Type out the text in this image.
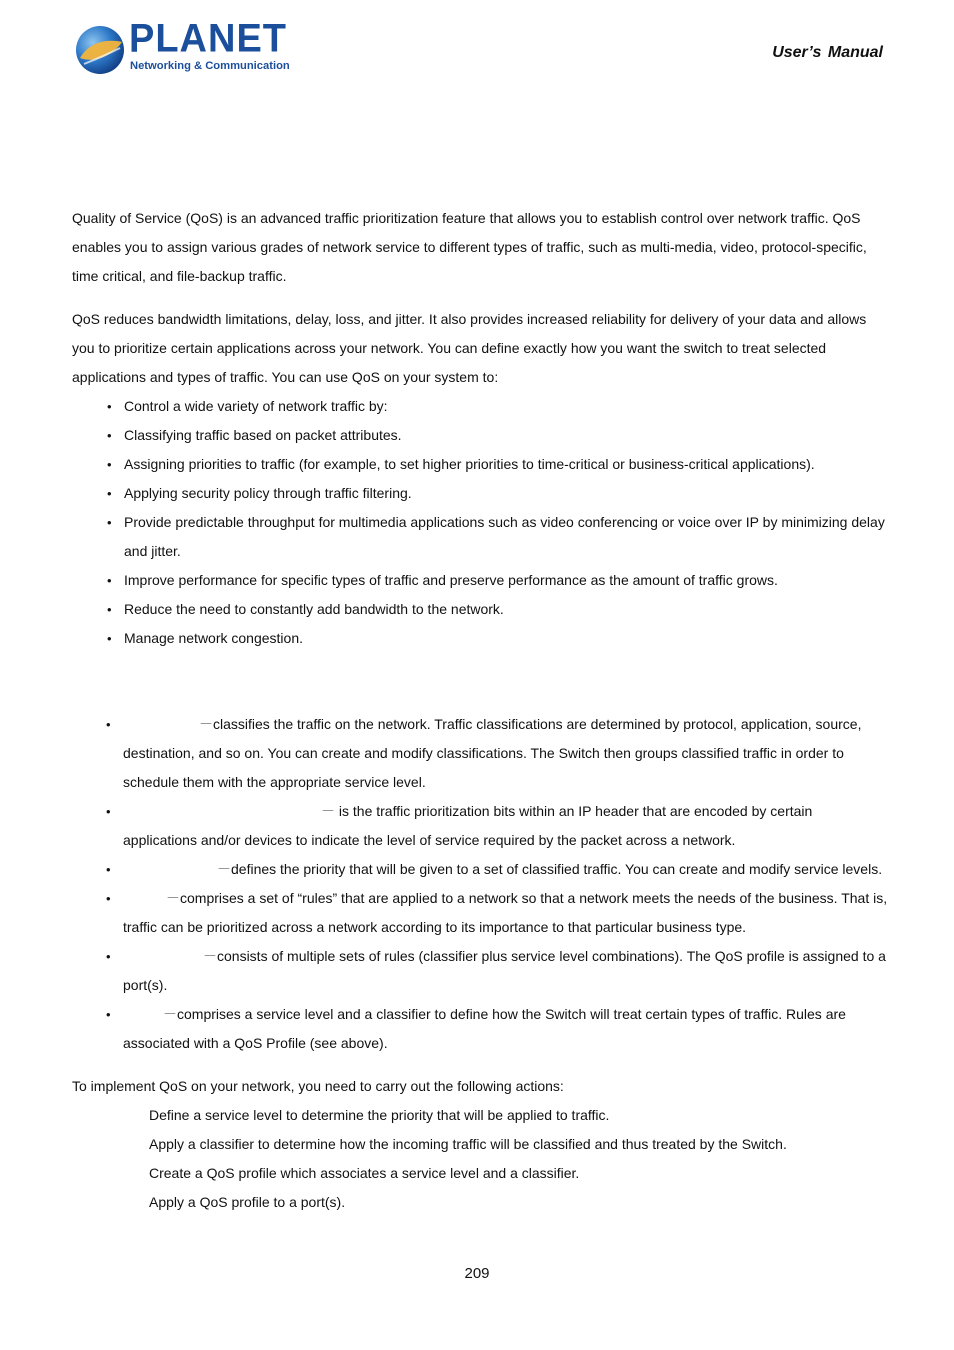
PLANET
Networking & Communication
User’s Manual

Quality of Service (QoS) is an advanced traffic prioritization feature that allows you to establish control over network traffic. QoS enables you to assign various grades of network service to different types of traffic, such as multi-media, video, protocol-specific, time critical, and file-backup traffic.

QoS reduces bandwidth limitations, delay, loss, and jitter. It also provides increased reliability for delivery of your data and allows you to prioritize certain applications across your network. You can define exactly how you want the switch to treat selected applications and types of traffic. You can use QoS on your system to:

• Control a wide variety of network traffic by:
• Classifying traffic based on packet attributes.
• Assigning priorities to traffic (for example, to set higher priorities to time-critical or business-critical applications).
• Applying security policy through traffic filtering.
• Provide predictable throughput for multimedia applications such as video conferencing or voice over IP by minimizing delay and jitter.
• Improve performance for specific types of traffic and preserve performance as the amount of traffic grows.
• Reduce the need to constantly add bandwidth to the network.
• Manage network congestion.
• －classifies the traffic on the network. Traffic classifications are determined by protocol, application, source, destination, and so on. You can create and modify classifications. The Switch then groups classified traffic in order to schedule them with the appropriate service level.
• － is the traffic prioritization bits within an IP header that are encoded by certain applications and/or devices to indicate the level of service required by the packet across a network.
• －defines the priority that will be given to a set of classified traffic. You can create and modify service levels.
• －comprises a set of “rules” that are applied to a network so that a network meets the needs of the business. That is, traffic can be prioritized across a network according to its importance to that particular business type.
• －consists of multiple sets of rules (classifier plus service level combinations). The QoS profile is assigned to a port(s).
• －comprises a service level and a classifier to define how the Switch will treat certain types of traffic. Rules are associated with a QoS Profile (see above).

To implement QoS on your network, you need to carry out the following actions:

Define a service level to determine the priority that will be applied to traffic.
Apply a classifier to determine how the incoming traffic will be classified and thus treated by the Switch.
Create a QoS profile which associates a service level and a classifier.
Apply a QoS profile to a port(s).
209
